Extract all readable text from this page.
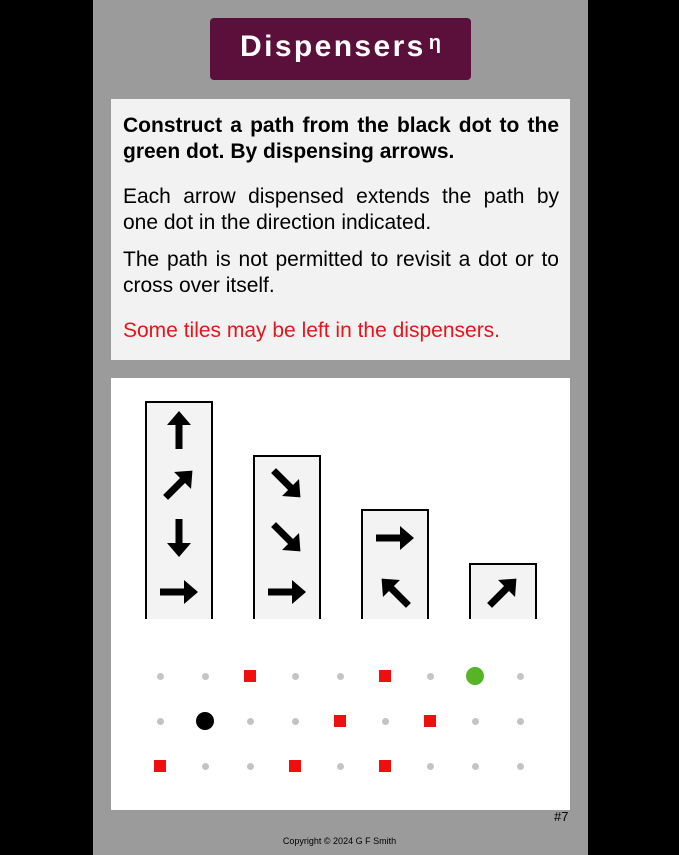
Dispensers$^\eta$

Construct a path from the black dot to the green dot. By dispensing arrows.

Each arrow dispensed extends the path by one dot in the direction indicated.

The path is not permitted to revisit a dot or to cross over itself.

Some tiles may be left in the dispensers.

#7
Copyright © 2024 G F Smith
